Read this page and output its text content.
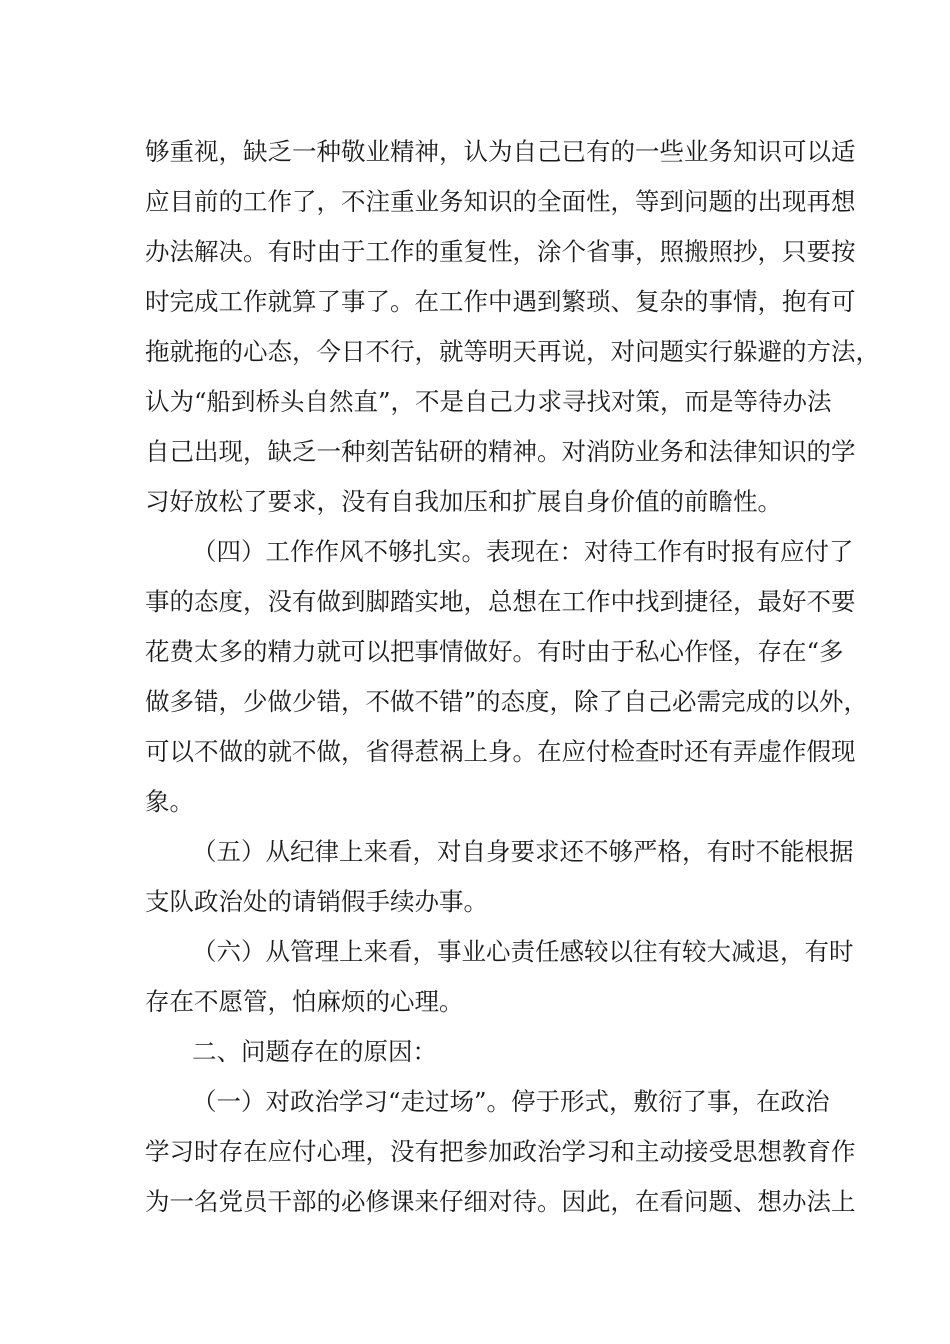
够重视，缺乏一种敬业精神，认为自己已有的一些业务知识可以适
应目前的工作了，不注重业务知识的全面性，等到问题的出现再想
办法解决。有时由于工作的重复性，涂个省事，照搬照抄，只要按
时完成工作就算了事了。在工作中遇到繁琐、复杂的事情，抱有可
拖就拖的心态，今日不行，就等明天再说，对问题实行躲避的方法，
认为“船到桥头自然直”，不是自己力求寻找对策，而是等待办法
自己出现，缺乏一种刻苦钻研的精神。对消防业务和法律知识的学
习好放松了要求，没有自我加压和扩展自身价值的前瞻性。
（四）工作作风不够扎实。表现在：对待工作有时报有应付了
事的态度，没有做到脚踏实地，总想在工作中找到捷径，最好不要
花费太多的精力就可以把事情做好。有时由于私心作怪，存在“多
做多错，少做少错，不做不错”的态度，除了自己必需完成的以外，
可以不做的就不做，省得惹祸上身。在应付检查时还有弄虚作假现
象。
（五）从纪律上来看，对自身要求还不够严格，有时不能根据
支队政治处的请销假手续办事。
（六）从管理上来看，事业心责任感较以往有较大减退，有时
存在不愿管，怕麻烦的心理。
二、问题存在的原因：
（一）对政治学习“走过场”。停于形式，敷衍了事，在政治
学习时存在应付心理，没有把参加政治学习和主动接受思想教育作
为一名党员干部的必修课来仔细对待。因此，在看问题、想办法上
